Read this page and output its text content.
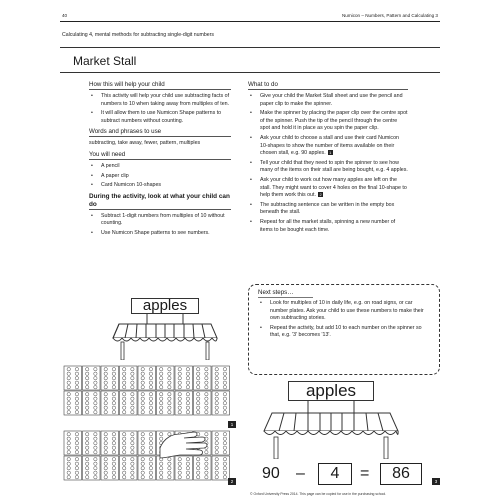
40	Numicon – Numbers, Pattern and Calculating 3
Calculating 4, mental methods for subtracting single-digit numbers
Market Stall
How this will help your child
• This activity will help your child use subtracting facts of numbers to 10 when taking away from multiples of ten.
• It will allow them to use Numicon Shape patterns to subtract numbers without counting.
Words and phrases to use
subtracting, take away, fewer, pattern, multiples
You will need
• A pencil
• A paper clip
• Card Numicon 10-shapes
During the activity, look at what your child can do
• Subtract 1-digit numbers from multiples of 10 without counting.
• Use Numicon Shape patterns to see numbers.
What to do
• Give your child the Market Stall sheet and use the pencil and paper clip to make the spinner.
• Make the spinner by placing the paper clip over the centre spot of the spinner. Push the tip of the pencil through the centre spot and hold it in place as you spin the paper clip.
• Ask your child to choose a stall and use their card Numicon 10-shapes to show the number of items available on their chosen stall, e.g. 90 apples. 1
• Tell your child that they need to spin the spinner to see how many of the items on their stall are being bought, e.g. 4 apples.
• Ask your child to work out how many apples are left on the stall. They might want to cover 4 holes on the final 10-shape to help them work this out. 2
• The subtracting sentence can be written in the empty box beneath the stall.
• Repeat for all the market stalls, spinning a new number of items to be bought each time.
Next steps…
• Look for multiples of 10 in daily life, e.g. on road signs, or car number plates. Ask your child to use these numbers to make their own subtracting stories.
• Repeat the activity, but add 10 to each number on the spinner so that, e.g. '3' becomes '13'.
apples
1
2
apples
90 –	4	=	86	3
© Oxford University Press 2014. This page can be copied for use in the purchasing school.
